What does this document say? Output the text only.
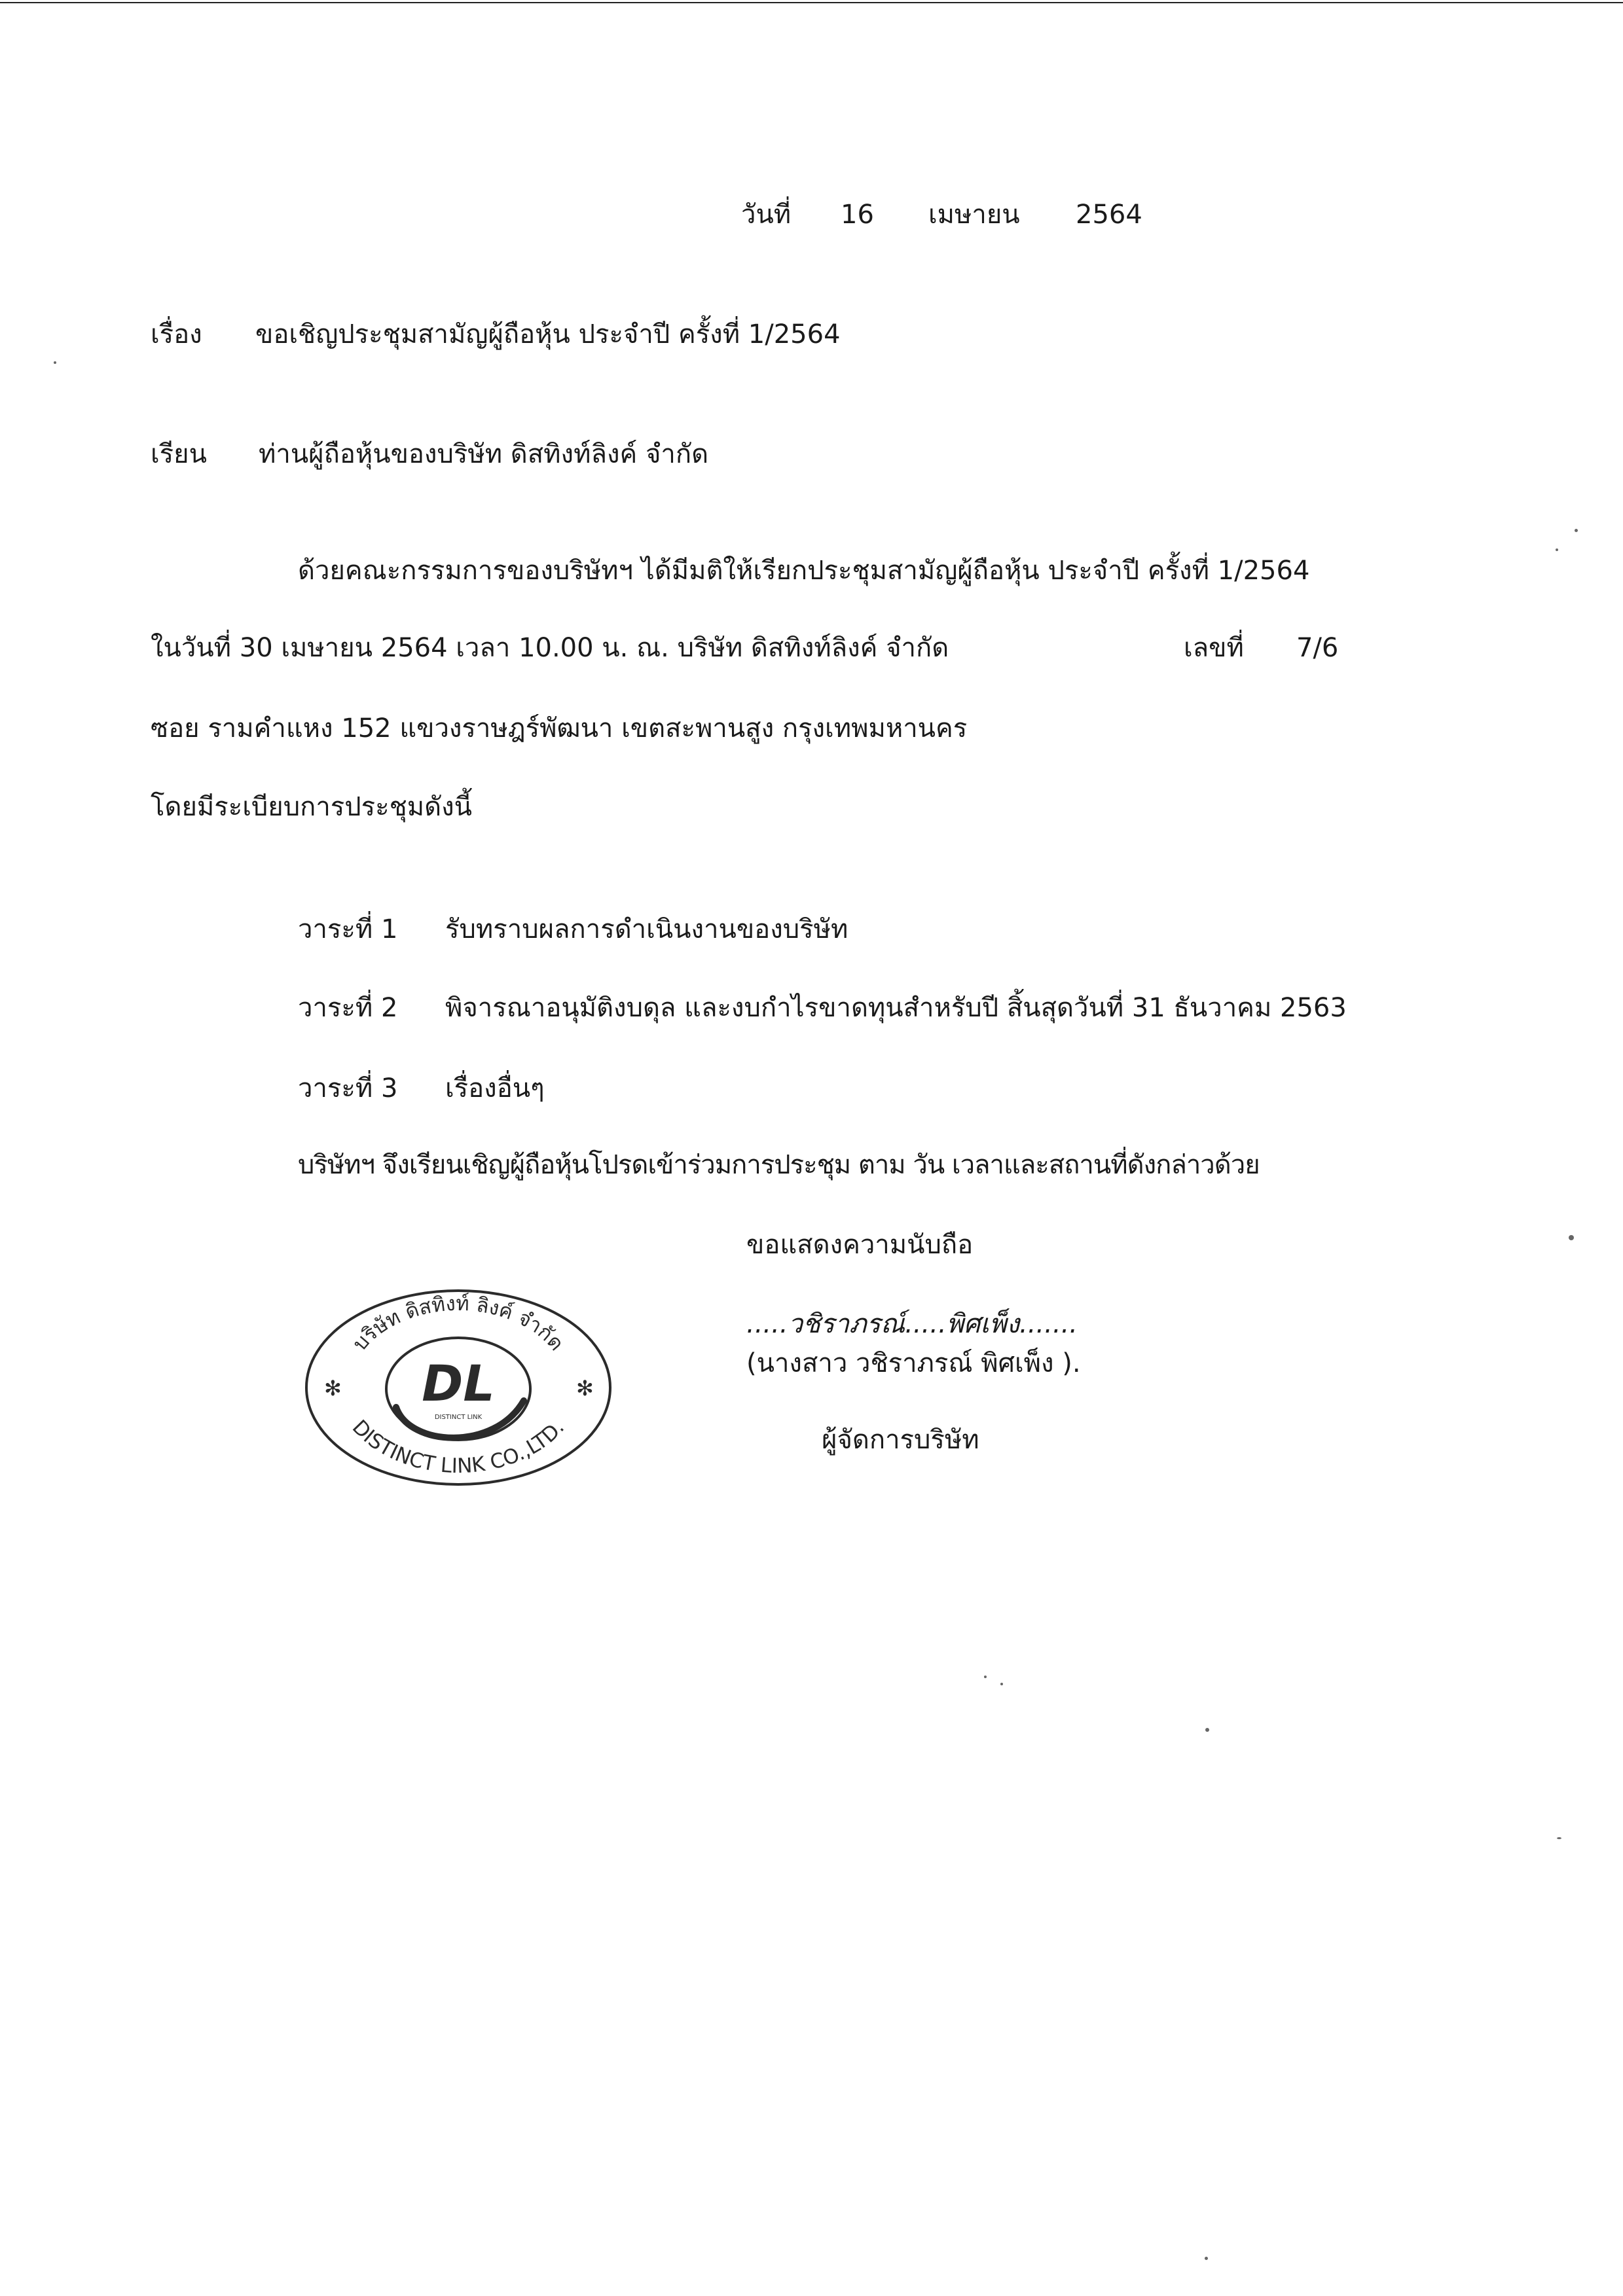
วันที่ 16 เมษายน 2564
เรื่อง ขอเชิญประชุมสามัญผู้ถือหุ้น ประจำปี ครั้งที่ 1/2564
เรียน ท่านผู้ถือหุ้นของบริษัท ดิสทิงท์ลิงค์ จำกัด
ด้วยคณะกรรมการของบริษัทฯ ได้มีมติให้เรียกประชุมสามัญผู้ถือหุ้น ประจำปี ครั้งที่ 1/2564
ในวันที่ 30 เมษายน 2564 เวลา 10.00 น. ณ. บริษัท ดิสทิงท์ลิงค์ จำกัด	เลขที่ 7/6
ซอย รามคำแหง 152 แขวงราษฎร์พัฒนา เขตสะพานสูง กรุงเทพมหานคร
โดยมีระเบียบการประชุมดังนี้
วาระที่ 1 รับทราบผลการดำเนินงานของบริษัท
วาระที่ 2 พิจารณาอนุมัติงบดุล และงบกำไรขาดทุนสำหรับปี สิ้นสุดวันที่ 31 ธันวาคม 2563
วาระที่ 3 เรื่องอื่นๆ
บริษัทฯ จึงเรียนเชิญผู้ถือหุ้นโปรดเข้าร่วมการประชุม ตาม วัน เวลาและสถานที่ดังกล่าวด้วย
ขอแสดงความนับถือ
.....วชิราภรณ์.....พิศเพ็ง.......
(นางสาว วชิราภรณ์ พิศเพ็ง ).
ผู้จัดการบริษัท
DL
DISTINCT LINK
บริษัท ดิสทิงท์ ลิงค์ จำกัด
DISTINCT LINK CO.,LTD.
✻	✻
